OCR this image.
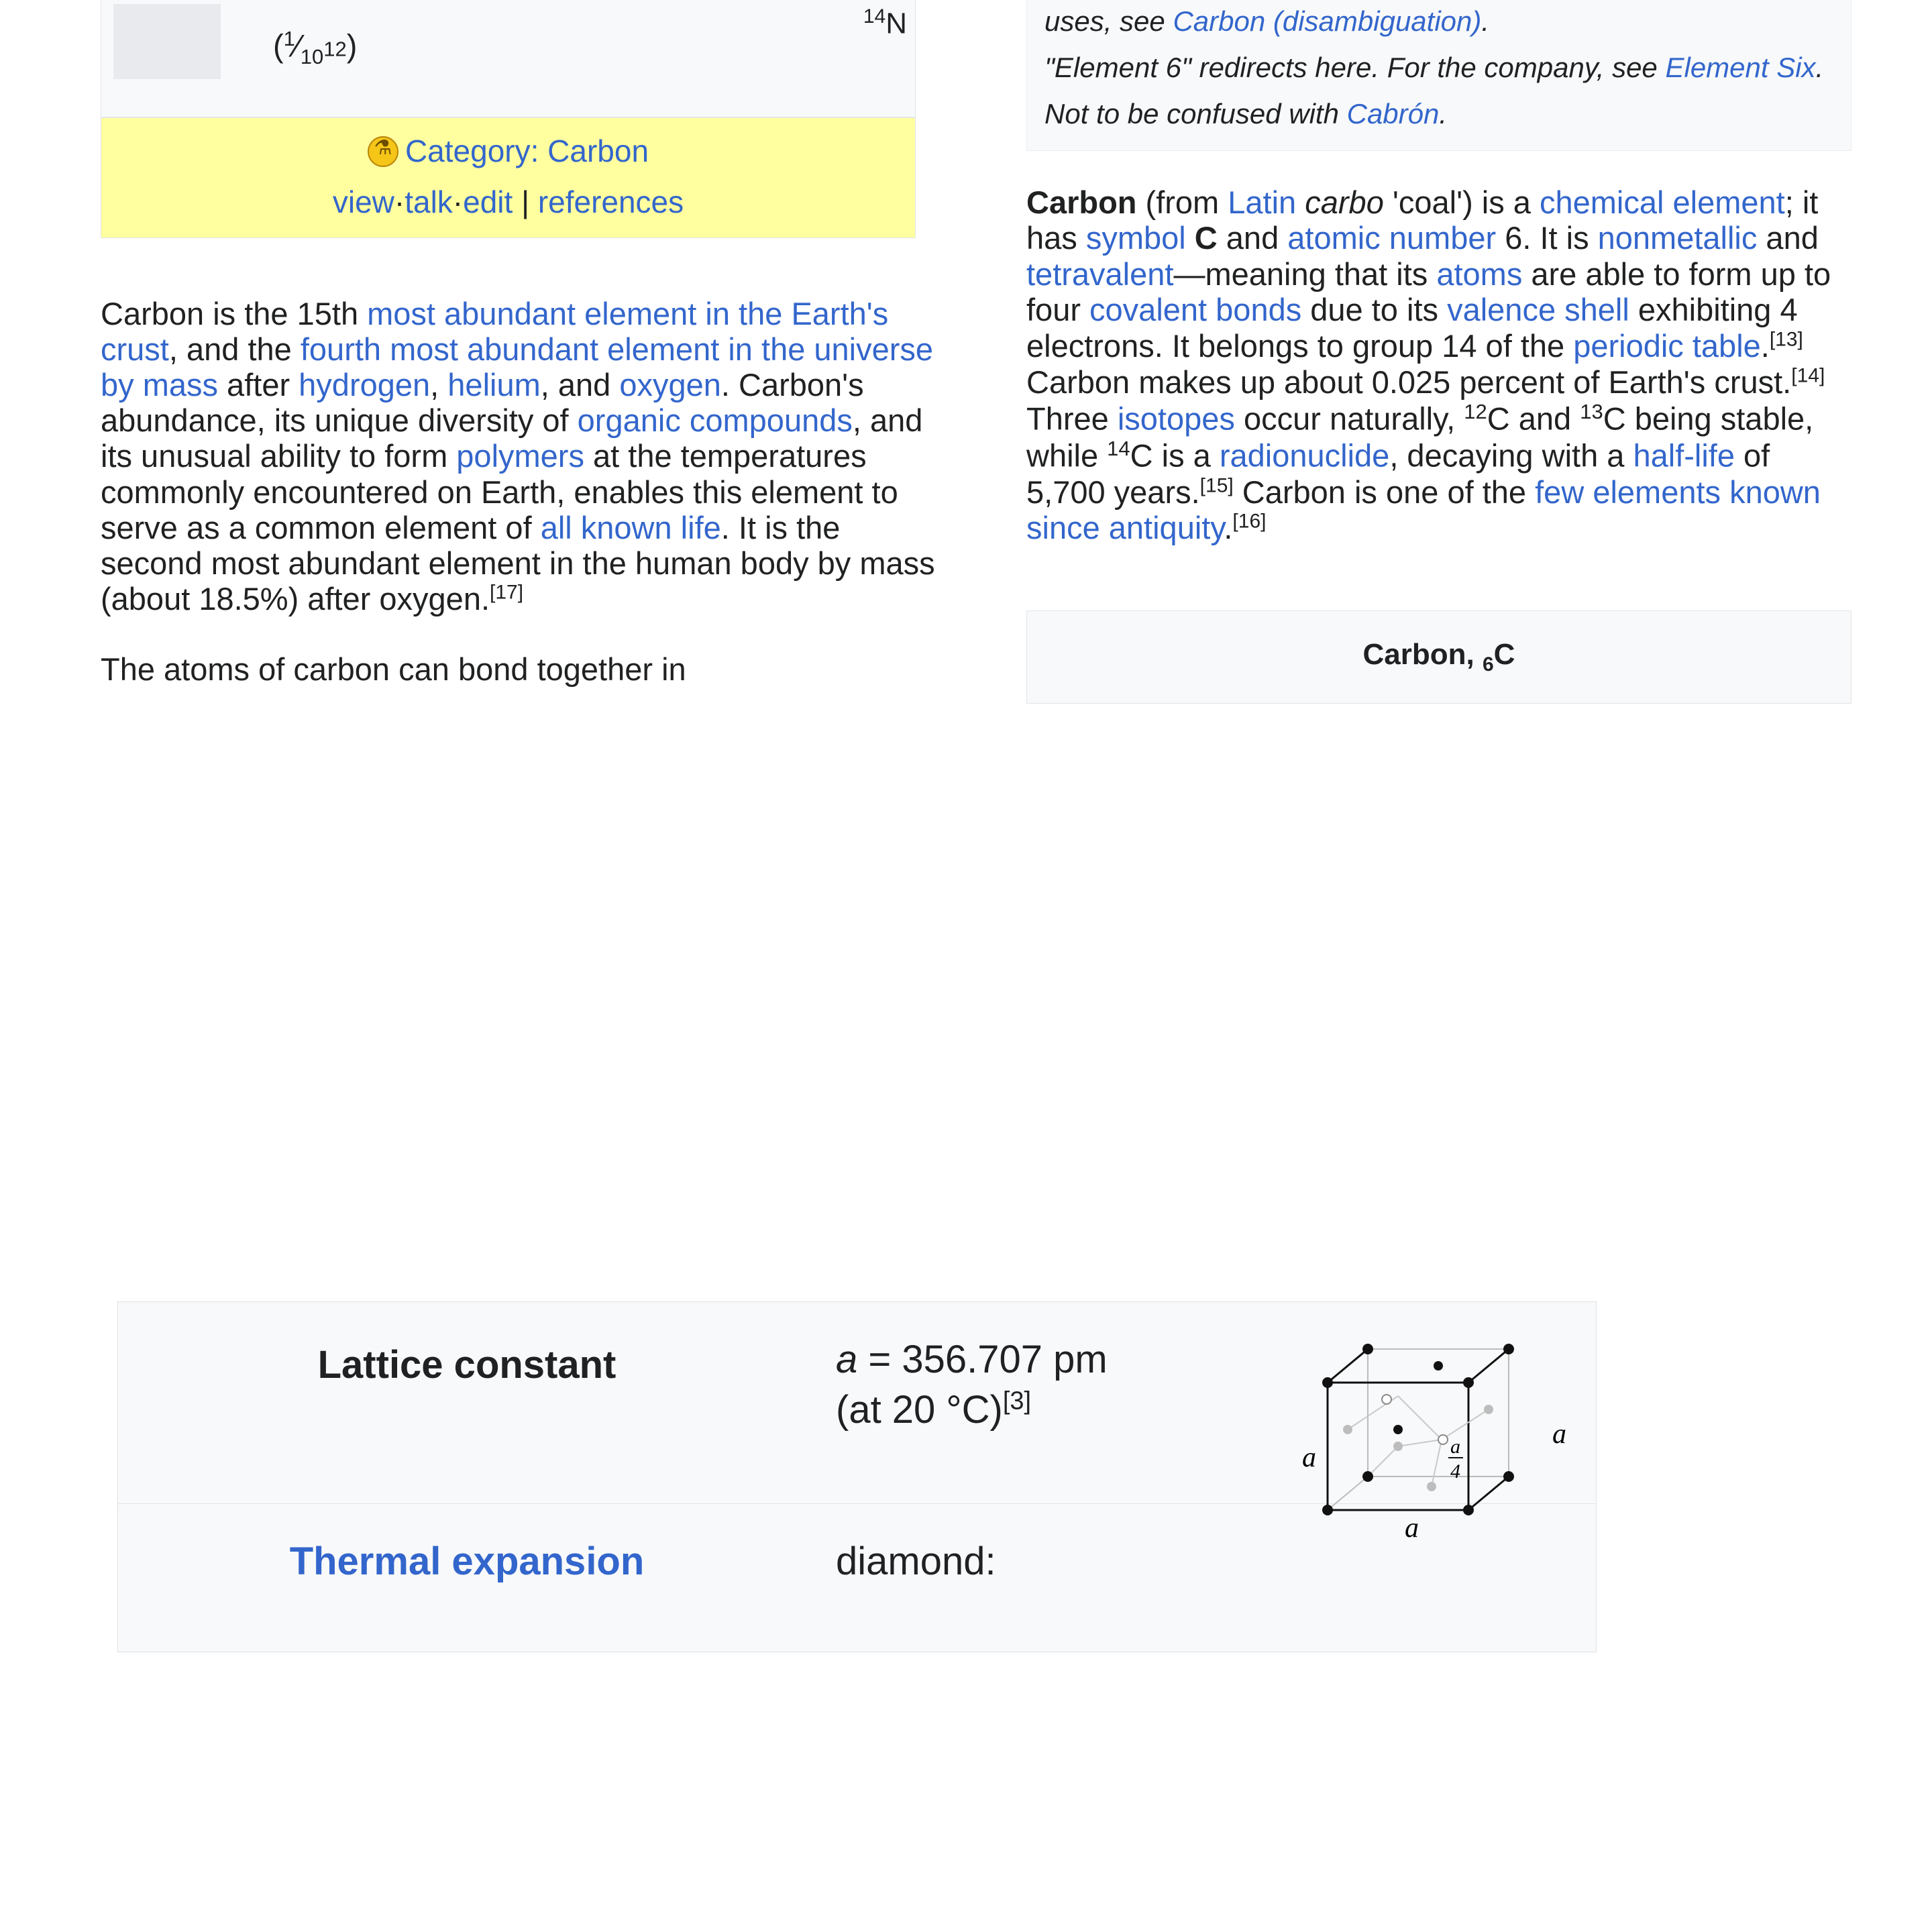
$(^1⁄_{10^{12}})$
$^{14}$N
⚗Category: Carbon
view·talk·edit | references

Carbon is the 15th most abundant element in the Earth's crust, and the fourth most abundant element in the universe by mass after hydrogen, helium, and oxygen. Carbon's abundance, its unique diversity of organic compounds, and its unusual ability to form polymers at the temperatures commonly encountered on Earth, enables this element to serve as a common element of all known life. It is the second most abundant element in the human body by mass (about 18.5%) after oxygen.[17]

The atoms of carbon can bond together in

uses, see Carbon (disambiguation).
"Element 6" redirects here. For the company, see Element Six.
Not to be confused with Cabrón.
Carbon (from Latin carbo 'coal') is a chemical element; it has symbol C and atomic number 6. It is nonmetallic and tetravalent—meaning that its atoms are able to form up to four covalent bonds due to its valence shell exhibiting 4 electrons. It belongs to group 14 of the periodic table.[13] Carbon makes up about 0.025 percent of Earth's crust.[14] Three isotopes occur naturally, $^{12}$C and $^{13}$C being stable, while $^{14}$C is a radionuclide, decaying with a half-life of 5,700 years.[15] Carbon is one of the few elements known since antiquity.[16]
Carbon, $_6$C
Lattice constant	a = 356.707 pm
(at 20 °C)[3]
a
a
a
a
4
Thermal expansion	diamond:
